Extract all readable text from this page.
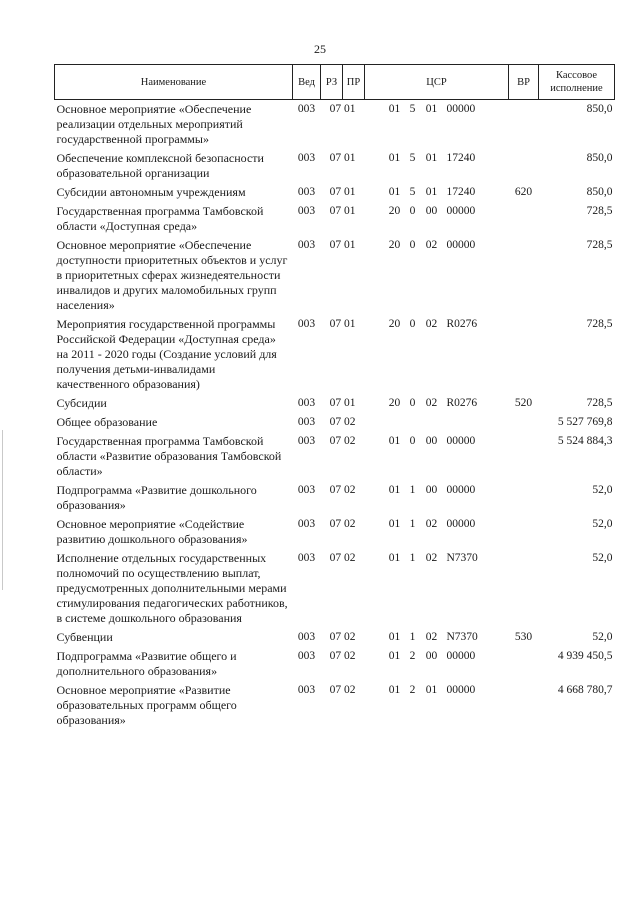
25
Наименование	Вед	РЗ	ПР	ЦСР	ВР	Кассовое исполнение
Основное мероприятие «Обеспечение реализации отдельных мероприятий государственной программы»	003	07 01		01 5 01 00000		850,0
Обеспечение комплексной безопасности образовательной организации	003	07 01		01 5 01 17240		850,0
Субсидии автономным учреждениям	003	07 01		01 5 01 17240	620	850,0
Государственная программа Тамбовской области «Доступная среда»	003	07 01		20 0 00 00000		728,5
Основное мероприятие «Обеспечение доступности приоритетных объектов и услуг в приоритетных сферах жизнедеятельности инвалидов и других маломобильных групп населения»	003	07 01		20 0 02 00000		728,5
Мероприятия государственной программы Российской Федерации «Доступная среда» на 2011 - 2020 годы (Создание условий для получения детьми-инвалидами качественного образования)	003	07 01		20 0 02 R0276		728,5
Субсидии	003	07 01		20 0 02 R0276	520	728,5
Общее образование	003	07 02				5 527 769,8
Государственная программа Тамбовской области «Развитие образования Тамбовской области»	003	07 02		01 0 00 00000		5 524 884,3
Подпрограмма «Развитие дошкольного образования»	003	07 02		01 1 00 00000		52,0
Основное мероприятие «Содействие развитию дошкольного образования»	003	07 02		01 1 02 00000		52,0
Исполнение отдельных государственных полномочий по осуществлению выплат, предусмотренных дополнительными мерами стимулирования педагогических работников, в системе дошкольного образования	003	07 02		01 1 02 N7370		52,0
Субвенции	003	07 02		01 1 02 N7370	530	52,0
Подпрограмма «Развитие общего и дополнительного образования»	003	07 02		01 2 00 00000		4 939 450,5
Основное мероприятие «Развитие образовательных программ общего образования»	003	07 02		01 2 01 00000		4 668 780,7
